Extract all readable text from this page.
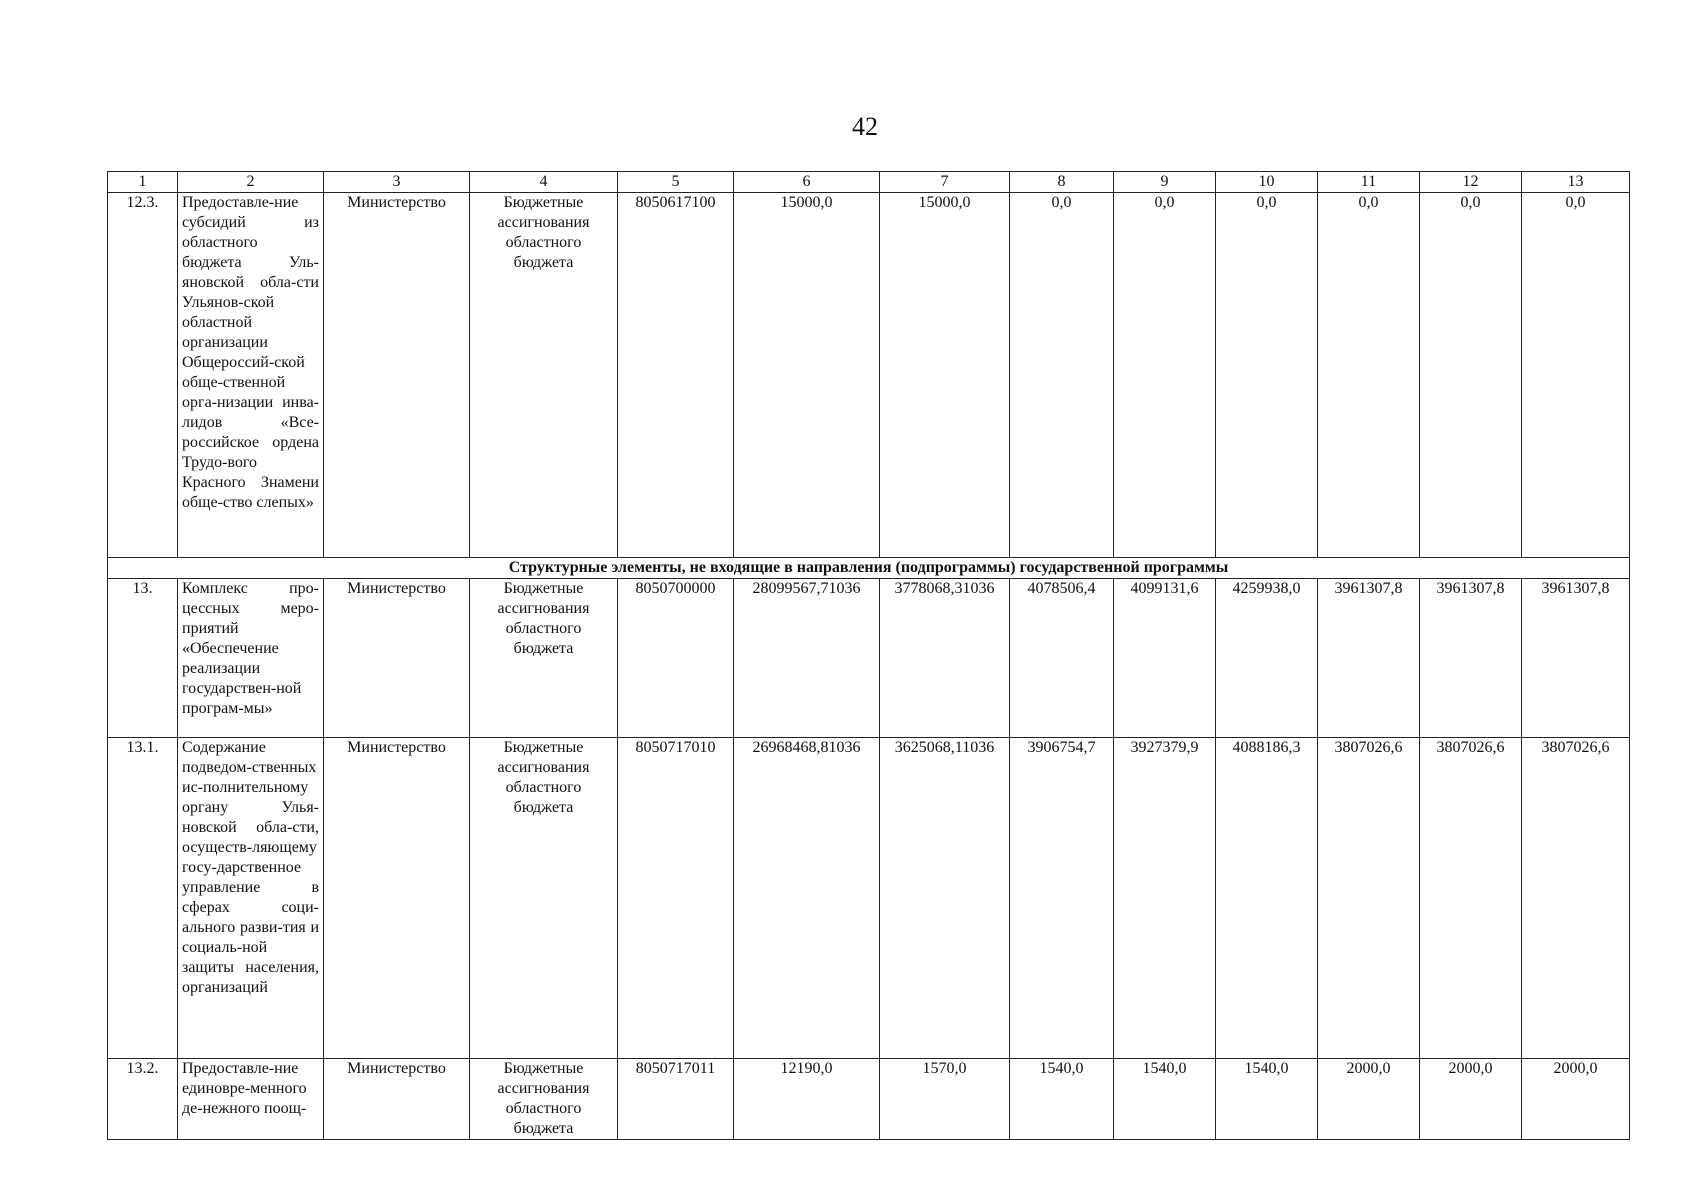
42
1	2	3	4	5	6	7	8	9	10	11	12	13
12.3.	Предоставле-ние субсидий из областного бюджета Уль-яновской обла-сти Ульянов-ской областной организации Общероссий-ской обще-ственной орга-низации инва-лидов «Все-российское ордена Трудо-вого Красного Знамени обще-ство слепых»	Министерство	Бюджетные ассигнования областного бюджета	8050617100	15000,0	15000,0	0,0	0,0	0,0	0,0	0,0	0,0
Структурные элементы, не входящие в направления (подпрограммы) государственной программы												
13.	Комплекс про-цессных меро-приятий «Обеспечение реализации государствен-ной програм-мы»	Министерство	Бюджетные ассигнования областного бюджета	8050700000	28099567,71036	3778068,31036	4078506,4	4099131,6	4259938,0	3961307,8	3961307,8	3961307,8
13.1.	Содержание подведом-ственных ис-полнительному органу Улья-новской обла-сти, осуществ-ляющему госу-дарственное управление в сферах соци-ального разви-тия и социаль-ной защиты населения, организаций	Министерство	Бюджетные ассигнования областного бюджета	8050717010	26968468,81036	3625068,11036	3906754,7	3927379,9	4088186,3	3807026,6	3807026,6	3807026,6
13.2.	Предоставле-ние единовре-менного де-нежного поощ-	Министерство	Бюджетные ассигнования областного бюджета	8050717011	12190,0	1570,0	1540,0	1540,0	1540,0	2000,0	2000,0	2000,0
